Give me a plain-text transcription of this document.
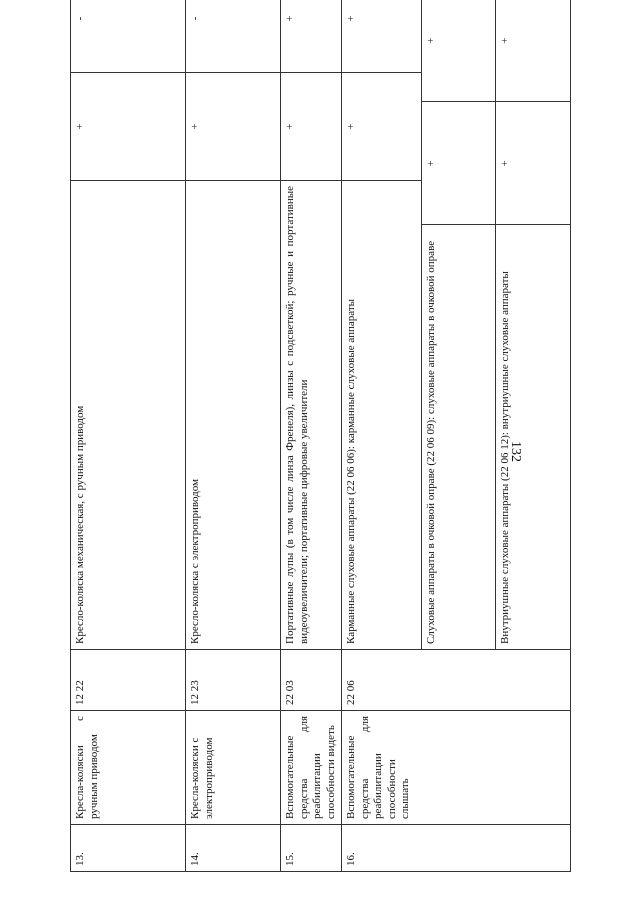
132
13.	Кресла-коляски с ручным приводом	12 22	Кресло-коляска механическая, с ручным приводом	+	-	
14.	Кресла-коляски с электроприводом	12 23	Кресло-коляска с электроприводом	+	-	
15.	Вспомогательные средства для реабилитации способности видеть	22 03	Портативные лупы (в том числе линза Френеля), линзы с подсветкой; ручные и портативные видеоувеличители; портативные цифровые увеличители	+	+	
16.	Вспомогательные средства для реабилитации способности слышать	22 06	Карманные слуховые аппараты (22 06 06): карманные слуховые аппараты	+	+	

Слуховые аппараты в очковой оправе (22 06 09): слуховые аппараты в очковой оправе	+	+	

Внутриушные слуховые аппараты (22 06 12): внутриушные слуховые аппараты	+	+	
